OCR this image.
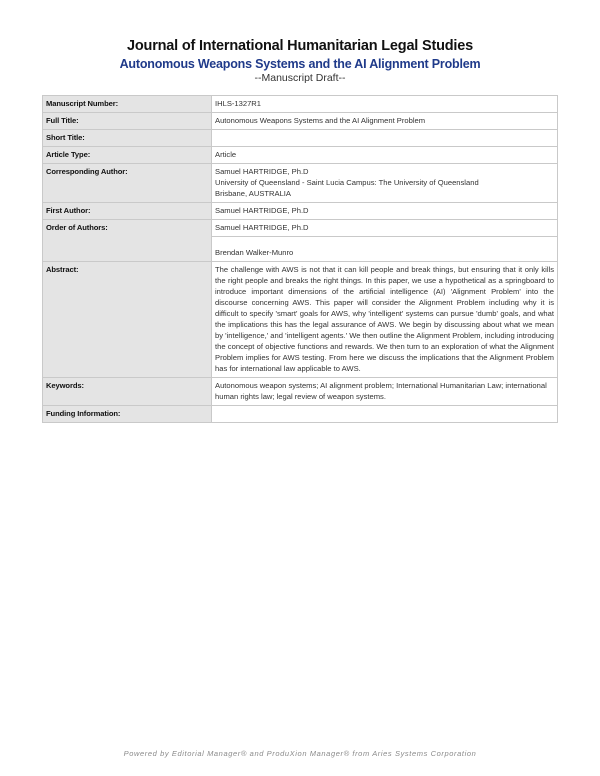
Journal of International Humanitarian Legal Studies
Autonomous Weapons Systems and the AI Alignment Problem
--Manuscript Draft--
Manuscript Number:	IHLS-1327R1
Full Title:	Autonomous Weapons Systems and the AI Alignment Problem
Short Title:	
Article Type:	Article
Corresponding Author:	Samuel HARTRIDGE, Ph.D
University of Queensland - Saint Lucia Campus: The University of Queensland
Brisbane, AUSTRALIA

First Author:	Samuel HARTRIDGE, Ph.D
Order of Authors:	Samuel HARTRIDGE, Ph.D
Brendan Walker-Munro

Abstract:	The challenge with AWS is not that it can kill people and break things, but ensuring that it only kills the right people and breaks the right things. In this paper, we use a hypothetical as a springboard to introduce important dimensions of the artificial intelligence (AI) 'Alignment Problem' into the discourse concerning AWS. This paper will consider the Alignment Problem including why it is difficult to specify 'smart' goals for AWS, why 'intelligent' systems can pursue 'dumb' goals, and what the implications this has the legal assurance of AWS. We begin by discussing about what we mean by 'intelligence,' and 'intelligent agents.' We then outline the Alignment Problem, including introducing the concept of objective functions and rewards. We then turn to an exploration of what the Alignment Problem implies for AWS testing. From here we discuss the implications that the Alignment Problem has for international law applicable to AWS.
Keywords:	Autonomous weapon systems; AI alignment problem; International Humanitarian Law; international human rights law; legal review of weapon systems.
Funding Information:	
Powered by Editorial Manager® and ProduXion Manager® from Aries Systems Corporation
